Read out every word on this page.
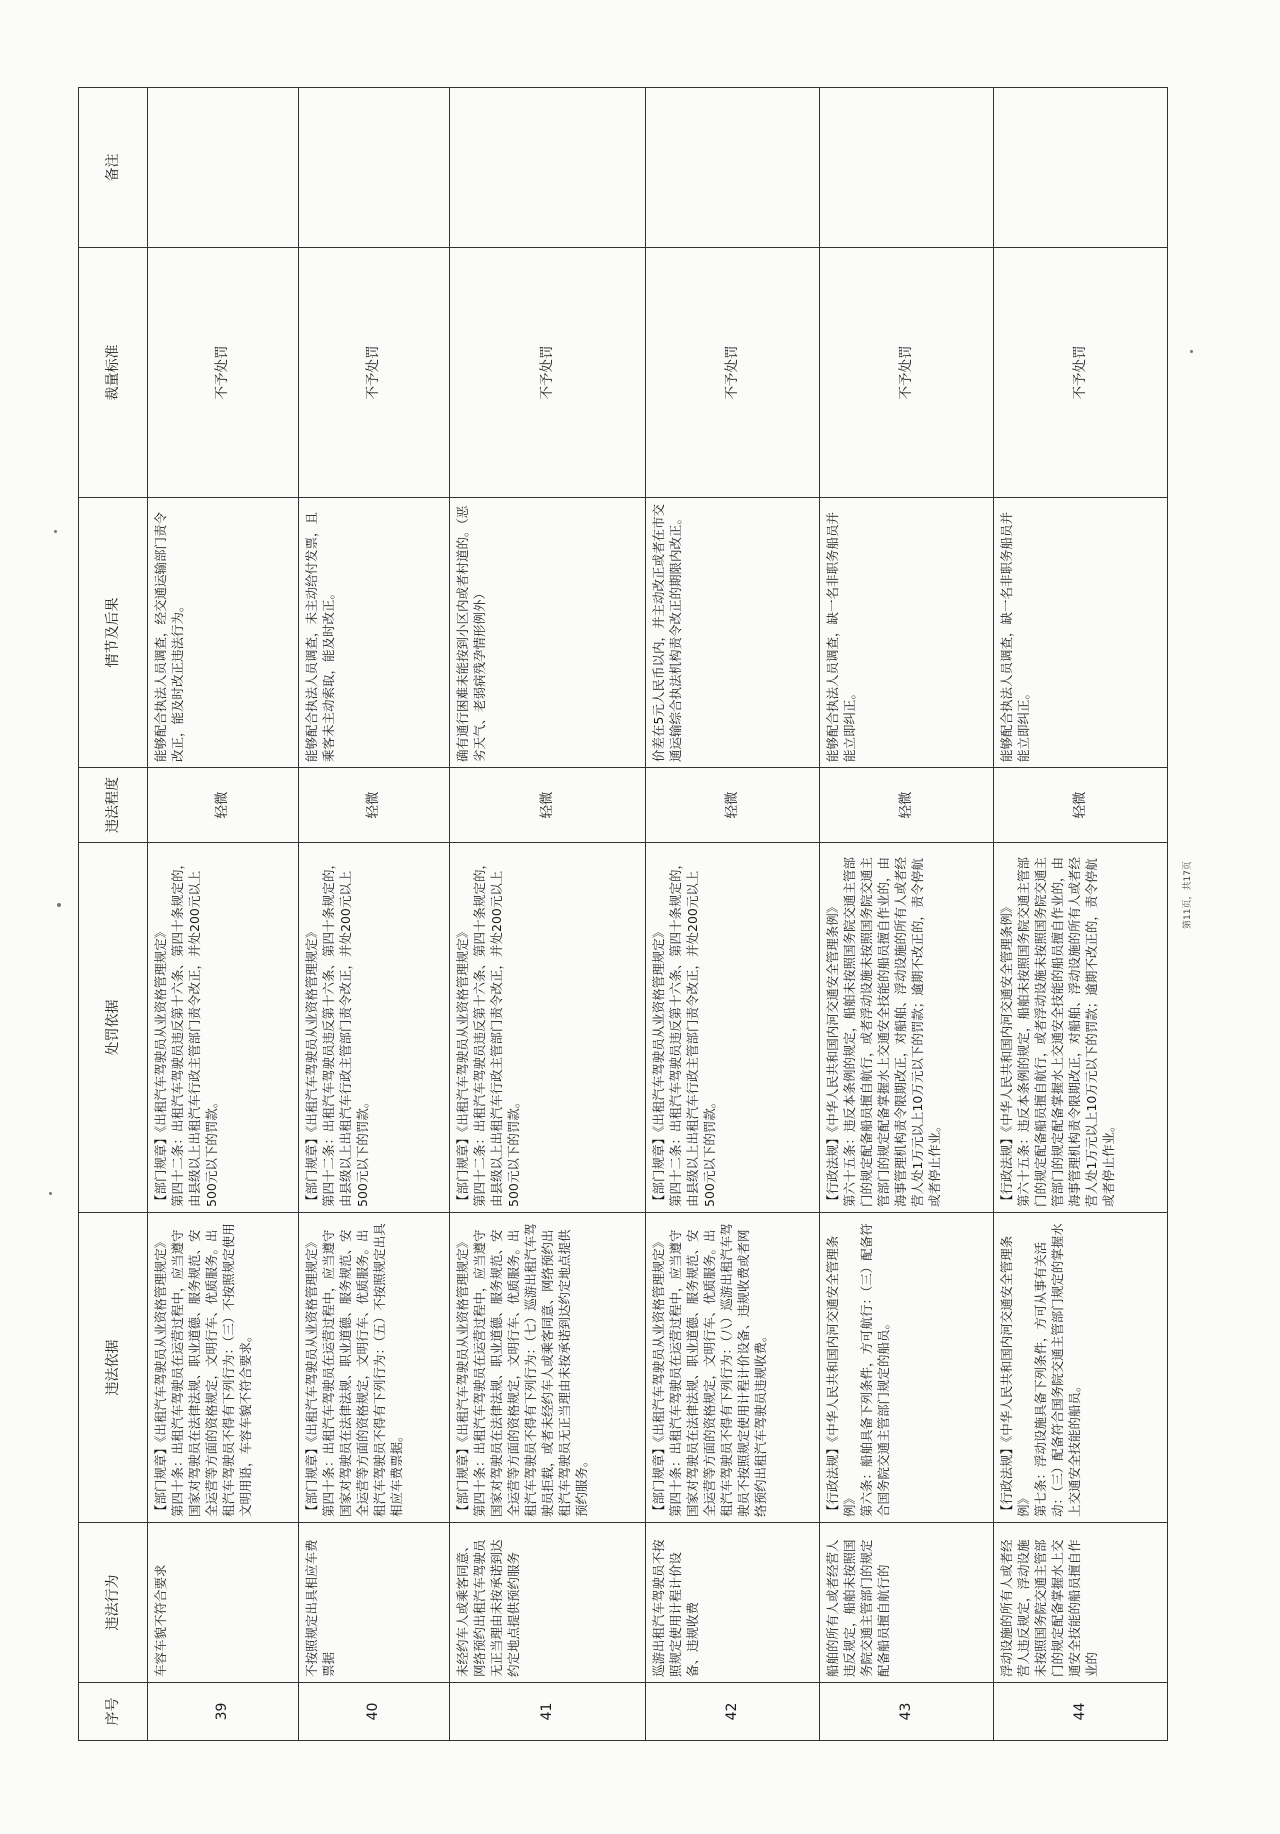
序号	违法行为	违法依据	处罚依据	违法程度	情节及后果	裁量标准	备注
39	车容车貌不符合要求	【部门规章】《出租汽车驾驶员从业资格管理规定》 第四十条：出租汽车驾驶员在运营过程中，应当遵守国家对驾驶员在法律法规、职业道德、服务规范、安全运营等方面的资格规定，文明行车、优质服务。出租汽车驾驶员不得有下列行为：（三）不按照规定使用文明用语，车容车貌不符合要求。	【部门规章】《出租汽车驾驶员从业资格管理规定》 第四十二条：出租汽车驾驶员违反第十六条、第四十条规定的，由县级以上出租汽车行政主管部门责令改正，并处200元以上500元以下的罚款。	轻微	能够配合执法人员调查，经交通运输部门责令改正，能及时改正违法行为。	不予处罚	
40	不按照规定出具相应车费票据	【部门规章】《出租汽车驾驶员从业资格管理规定》 第四十条：出租汽车驾驶员在运营过程中，应当遵守国家对驾驶员在法律法规、职业道德、服务规范、安全运营等方面的资格规定，文明行车、优质服务。出租汽车驾驶员不得有下列行为：（五）不按照规定出具相应车费票据。	【部门规章】《出租汽车驾驶员从业资格管理规定》 第四十二条：出租汽车驾驶员违反第十六条、第四十条规定的，由县级以上出租汽车行政主管部门责令改正，并处200元以上500元以下的罚款。	轻微	能够配合执法人员调查，未主动给付发票，且乘客未主动索取，能及时改正。	不予处罚	
41	未经约车人或乘客同意、网络预约出租汽车驾驶员无正当理由未按承诺到达约定地点提供预约服务	【部门规章】《出租汽车驾驶员从业资格管理规定》 第四十条：出租汽车驾驶员在运营过程中，应当遵守国家对驾驶员在法律法规、职业道德、服务规范、安全运营等方面的资格规定，文明行车、优质服务。出租汽车驾驶员不得有下列行为：（七）巡游出租汽车驾驶员拒载，或者未经约车人或乘客同意、网络预约出租汽车驾驶员无正当理由未按承诺到达约定地点提供预约服务。	【部门规章】《出租汽车驾驶员从业资格管理规定》 第四十二条：出租汽车驾驶员违反第十六条、第四十条规定的，由县级以上出租汽车行政主管部门责令改正，并处200元以上500元以下的罚款。	轻微	确有通行困难未能按到小区内或者村道的。（恶劣天气、老弱病残孕情形例外）	不予处罚	
42	巡游出租汽车驾驶员不按照规定使用计程计价设备、违规收费	【部门规章】《出租汽车驾驶员从业资格管理规定》 第四十条：出租汽车驾驶员在运营过程中，应当遵守国家对驾驶员在法律法规、职业道德、服务规范、安全运营等方面的资格规定，文明行车、优质服务。出租汽车驾驶员不得有下列行为：（八）巡游出租汽车驾驶员不按照规定使用计程计价设备、违规收费或者网络预约出租汽车驾驶员违规收费。	【部门规章】《出租汽车驾驶员从业资格管理规定》 第四十二条：出租汽车驾驶员违反第十六条、第四十条规定的，由县级以上出租汽车行政主管部门责令改正，并处200元以上500元以下的罚款。	轻微	价差在5元人民币以内，并主动改正或者在市交通运输综合执法机构责令改正的期限内改正。	不予处罚	
43	船舶的所有人或者经营人违反规定，船舶未按照国务院交通主管部门的规定配备船员擅自航行的	【行政法规】《中华人民共和国内河交通安全管理条例》 第六条：船舶具备下列条件，方可航行：（三）配备符合国务院交通主管部门规定的船员。	【行政法规】《中华人民共和国内河交通安全管理条例》 第六十五条：违反本条例的规定，船舶未按照国务院交通主管部门的规定配备船员擅自航行，或者浮动设施未按照国务院交通主管部门的规定配备掌握水上交通安全技能的船员擅自作业的，由海事管理机构责令限期改正，对船舶、浮动设施的所有人或者经营人处1万元以上10万元以下的罚款；逾期不改正的，责令停航或者停止作业。	轻微	能够配合执法人员调查，缺一名非职务船员并能立即纠正。	不予处罚	
44	浮动设施的所有人或者经营人违反规定，浮动设施未按照国务院交通主管部门的规定配备掌握水上交通安全技能的船员擅自作业的	【行政法规】《中华人民共和国内河交通安全管理条例》 第七条：浮动设施具备下列条件，方可从事有关活动：（三）配备符合国务院交通主管部门规定的掌握水上交通安全技能的船员。	【行政法规】《中华人民共和国内河交通安全管理条例》 第六十五条：违反本条例的规定，船舶未按照国务院交通主管部门的规定配备船员擅自航行，或者浮动设施未按照国务院交通主管部门的规定配备掌握水上交通安全技能的船员擅自作业的，由海事管理机构责令限期改正，对船舶、浮动设施的所有人或者经营人处1万元以上10万元以下的罚款；逾期不改正的，责令停航或者停止作业。	轻微	能够配合执法人员调查，缺一名非职务船员并能立即纠正。	不予处罚	
第11页，共17页
